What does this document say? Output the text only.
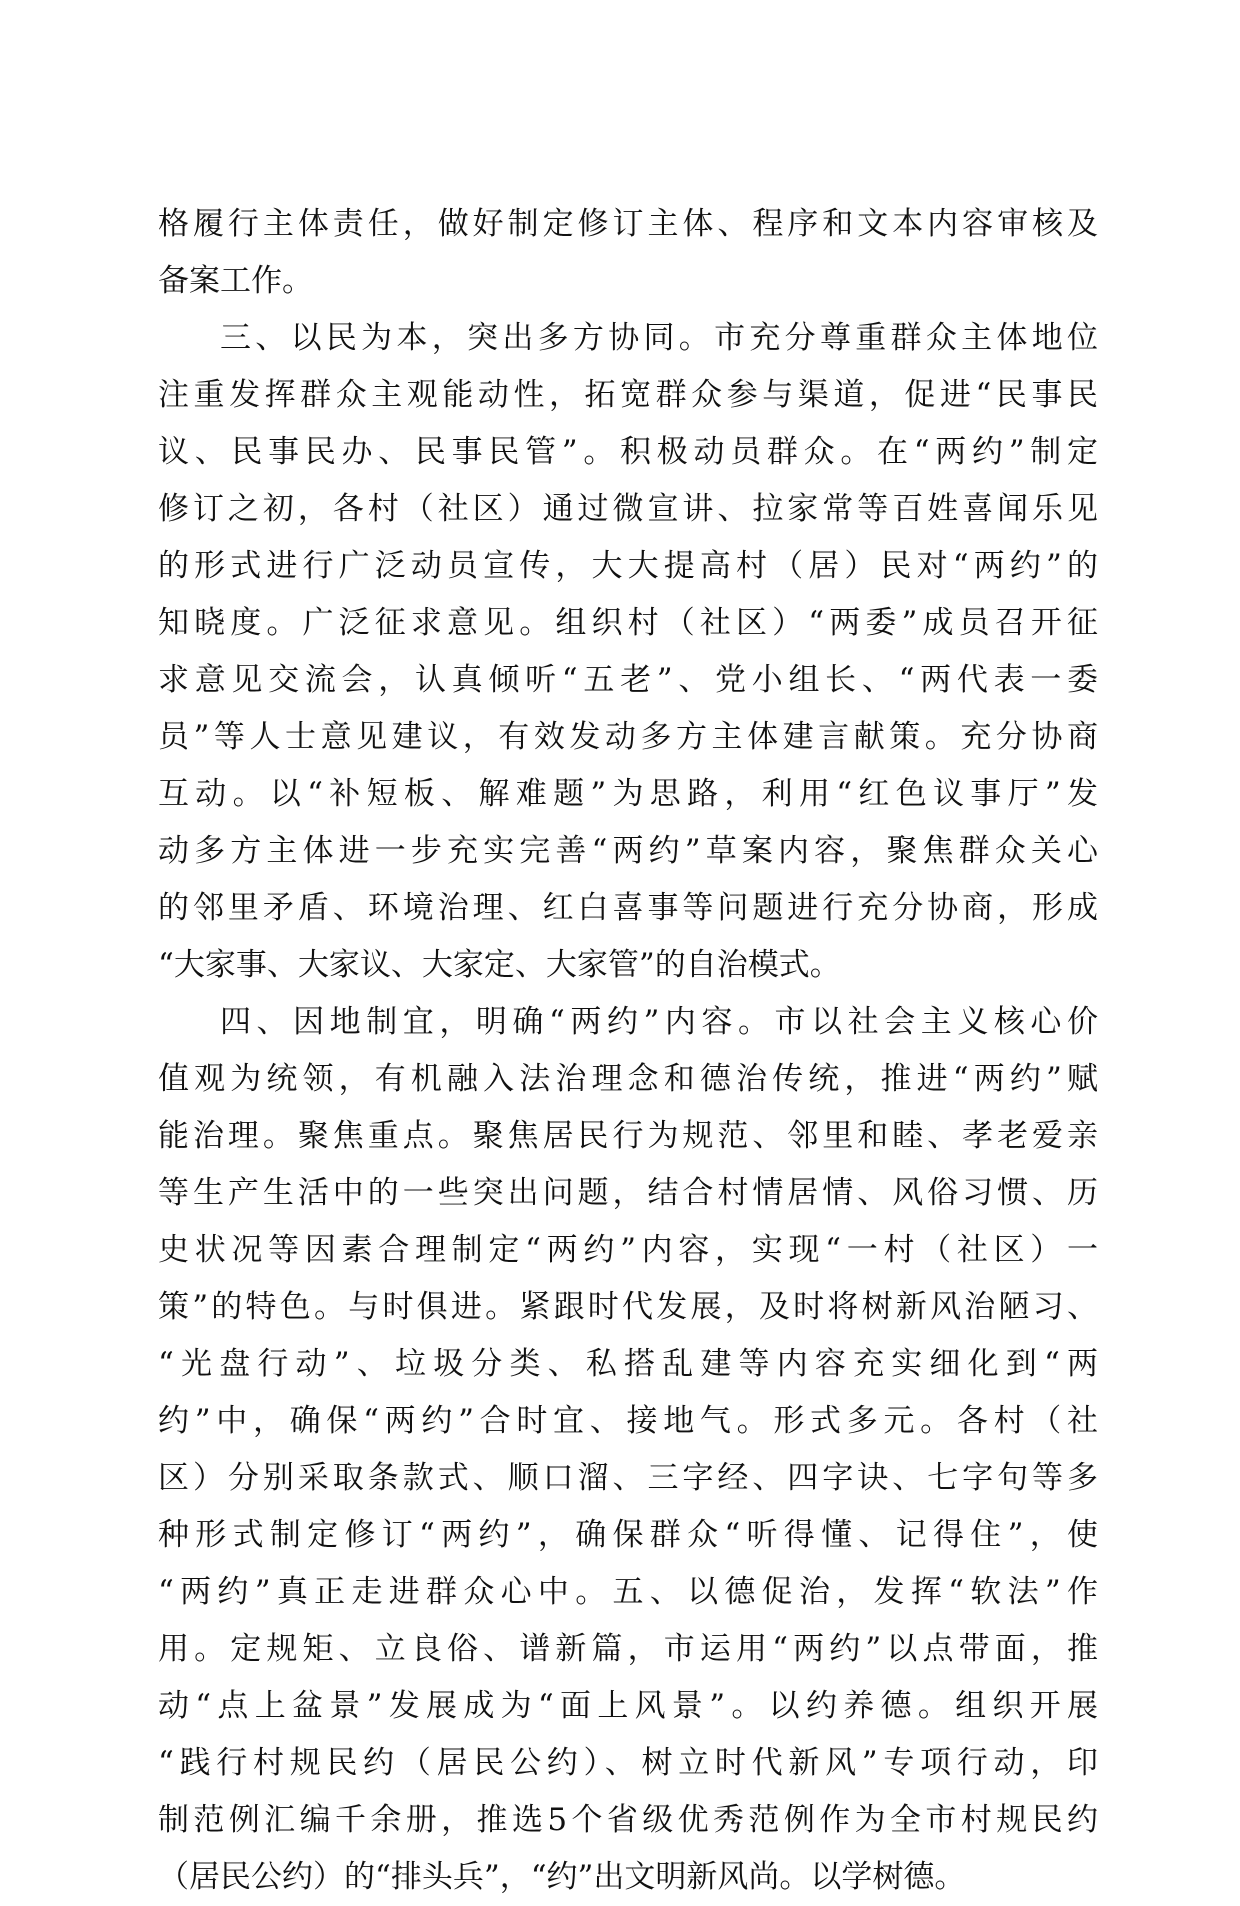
格履行主体责任，做好制定修订主体、程序和文本内容审核及
备案工作。
三、以民为本，突出多方协同。市充分尊重群众主体地位
注重发挥群众主观能动性，拓宽群众参与渠道，促进“民事民
议、民事民办、民事民管”。积极动员群众。在“两约”制定
修订之初，各村（社区）通过微宣讲、拉家常等百姓喜闻乐见
的形式进行广泛动员宣传，大大提高村（居）民对“两约”的
知晓度。广泛征求意见。组织村（社区）“两委”成员召开征
求意见交流会，认真倾听“五老”、党小组长、“两代表一委
员”等人士意见建议，有效发动多方主体建言献策。充分协商
互动。以“补短板、解难题”为思路，利用“红色议事厅”发
动多方主体进一步充实完善“两约”草案内容，聚焦群众关心
的邻里矛盾、环境治理、红白喜事等问题进行充分协商，形成
“大家事、大家议、大家定、大家管”的自治模式。
四、因地制宜，明确“两约”内容。市以社会主义核心价
值观为统领，有机融入法治理念和德治传统，推进“两约”赋
能治理。聚焦重点。聚焦居民行为规范、邻里和睦、孝老爱亲
等生产生活中的一些突出问题，结合村情居情、风俗习惯、历
史状况等因素合理制定“两约”内容，实现“一村（社区）一
策”的特色。与时俱进。紧跟时代发展，及时将树新风治陋习、
“光盘行动”、垃圾分类、私搭乱建等内容充实细化到“两
约”中，确保“两约”合时宜、接地气。形式多元。各村（社
区）分别采取条款式、顺口溜、三字经、四字诀、七字句等多
种形式制定修订“两约”，确保群众“听得懂、记得住”，使
“两约”真正走进群众心中。五、以德促治，发挥“软法”作
用。定规矩、立良俗、谱新篇，市运用“两约”以点带面，推
动“点上盆景”发展成为“面上风景”。以约养德。组织开展
“践行村规民约（居民公约）、树立时代新风”专项行动，印
制范例汇编千余册，推选5个省级优秀范例作为全市村规民约
（居民公约）的“排头兵”，“约”出文明新风尚。以学树德。
